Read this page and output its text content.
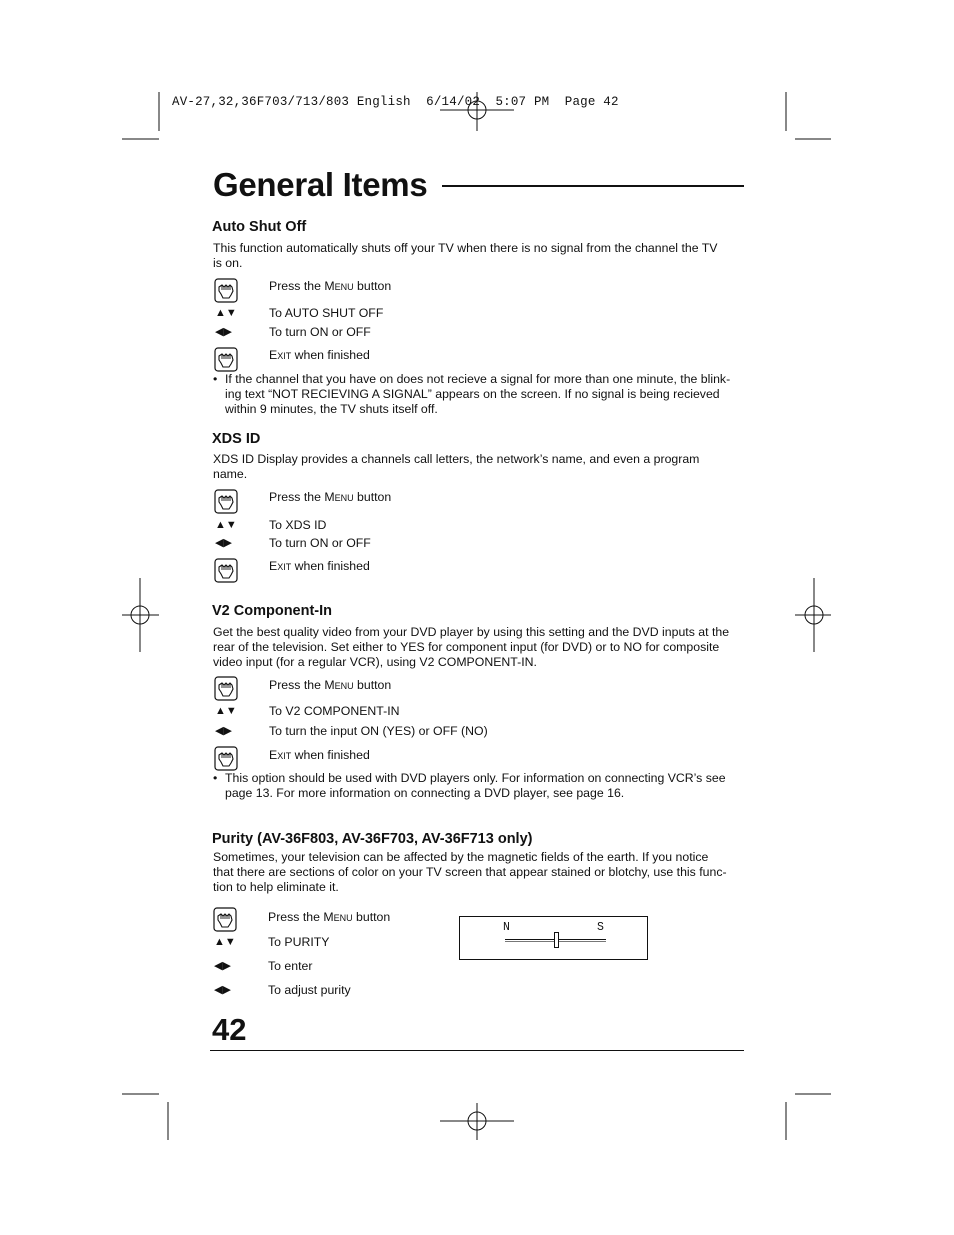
AV-27,32,36F703/713/803 English  6/14/02  5:07 PM  Page 42
General Items
Auto Shut Off
This function automatically shuts off your TV when there is no signal from the channel the TV
is on.
Press the Menu button
▲▼	To AUTO SHUT OFF
◀▶	To turn ON or OFF
Exit when finished
• If the channel that you have on does not recieve a signal for more than one minute, the blink-
ing text “NOT RECIEVING A SIGNAL” appears on the screen. If no signal is being recieved
within 9 minutes, the TV shuts itself off.
XDS ID
XDS ID Display provides a channels call letters, the network’s name, and even a program
name.
Press the Menu button
▲▼	To XDS ID
◀▶	To turn ON or OFF
Exit when finished
V2 Component-In
Get the best quality video from your DVD player by using this setting and the DVD inputs at the
rear of the television. Set either to YES for component input (for DVD) or to NO for composite
video input (for a regular VCR), using V2 COMPONENT-IN.
Press the Menu button
▲▼	To V2 COMPONENT-IN
◀▶	To turn the input ON (YES) or OFF (NO)
Exit when finished
• This option should be used with DVD players only. For information on connecting VCR’s see
page 13. For more information on connecting a DVD player, see page 16.
Purity (AV-36F803, AV-36F703, AV-36F713 only)
Sometimes, your television can be affected by the magnetic fields of the earth. If you notice
that there are sections of color on your TV screen that appear stained or blotchy, use this func-
tion to help eliminate it.
Press the Menu button
▲▼	To PURITY
◀▶	To enter
◀▶	To adjust purity
N	S
42
